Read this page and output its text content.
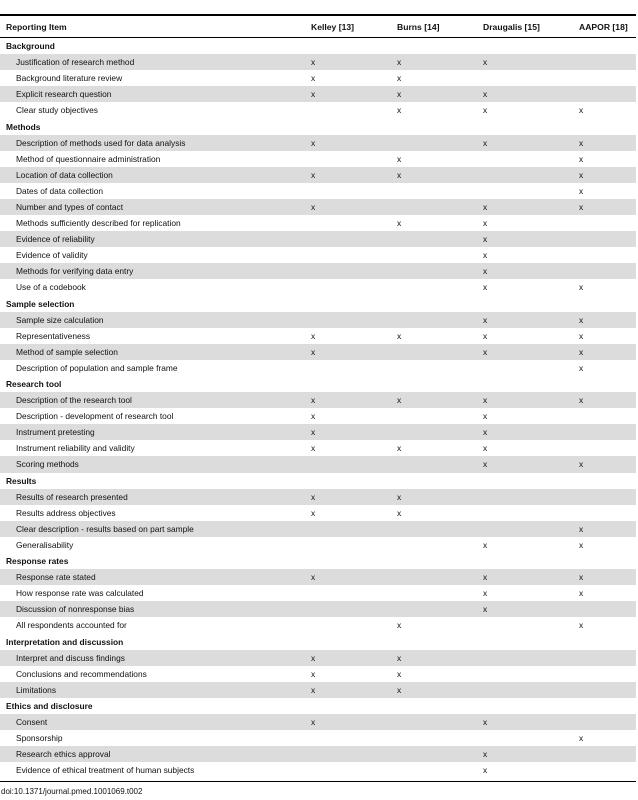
Reporting Item	Kelley [13]	Burns [14]	Draugalis [15]	AAPOR [18]
Background				
Justification of research method	x	x	x	
Background literature review	x	x		
Explicit research question	x	x	x	
Clear study objectives		x	x	x
Methods				
Description of methods used for data analysis	x		x	x
Method of questionnaire administration		x		x
Location of data collection	x	x		x
Dates of data collection				x
Number and types of contact	x		x	x
Methods sufficiently described for replication		x	x	
Evidence of reliability			x	
Evidence of validity			x	
Methods for verifying data entry			x	
Use of a codebook			x	x
Sample selection				
Sample size calculation			x	x
Representativeness	x	x	x	x
Method of sample selection	x		x	x
Description of population and sample frame				x
Research tool				
Description of the research tool	x	x	x	x
Description - development of research tool	x		x	
Instrument pretesting	x		x	
Instrument reliability and validity	x	x	x	
Scoring methods			x	x
Results				
Results of research presented	x	x		
Results address objectives	x	x		
Clear description - results based on part sample				x
Generalisability			x	x
Response rates				
Response rate stated	x		x	x
How response rate was calculated			x	x
Discussion of nonresponse bias			x	
All respondents accounted for		x		x
Interpretation and discussion				
Interpret and discuss findings	x	x		
Conclusions and recommendations	x	x		
Limitations	x	x		
Ethics and disclosure				
Consent	x		x	
Sponsorship				x
Research ethics approval			x	
Evidence of ethical treatment of human subjects			x	
doi:10.1371/journal.pmed.1001069.t002
